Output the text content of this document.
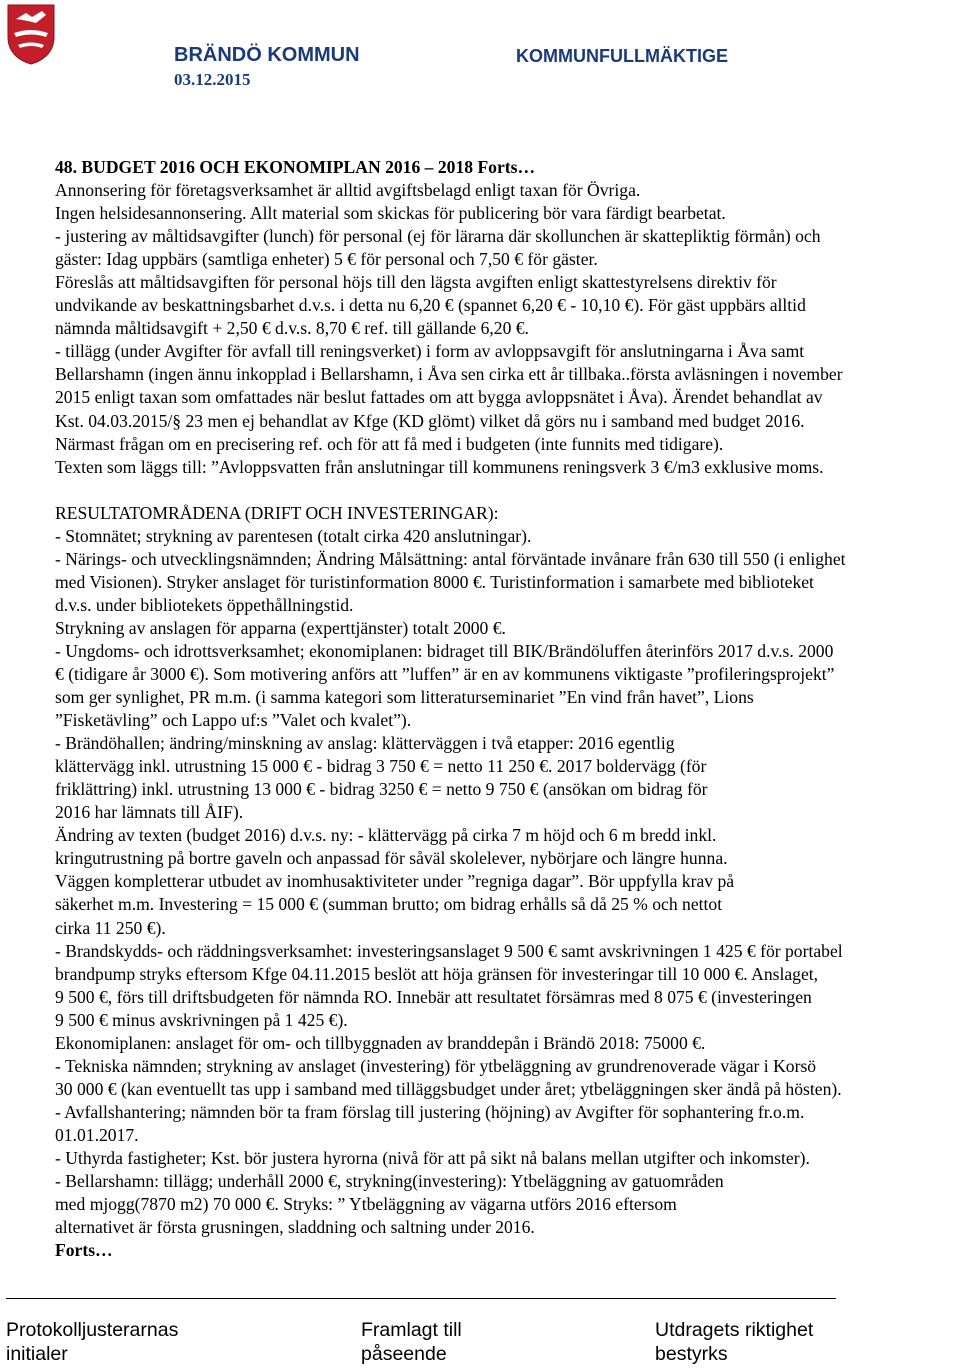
BRÄNDÖ KOMMUN
03.12.2015
KOMMUNFULLMÄKTIGE
48. BUDGET 2016 OCH EKONOMIPLAN 2016 – 2018 Forts…
Annonsering för företagsverksamhet är alltid avgiftsbelagd enligt taxan för Övriga.
Ingen helsidesannonsering. Allt material som skickas för publicering bör vara färdigt bearbetat.
- justering av måltidsavgifter (lunch) för personal (ej för lärarna där skollunchen är skattepliktig förmån) och
gäster: Idag uppbärs (samtliga enheter) 5 € för personal och 7,50 € för gäster.
Föreslås att måltidsavgiften för personal höjs till den lägsta avgiften enligt skattestyrelsens direktiv för
undvikande av beskattningsbarhet d.v.s. i detta nu 6,20 € (spannet 6,20 € - 10,10 €). För gäst uppbärs alltid
nämnda måltidsavgift + 2,50 € d.v.s. 8,70 € ref. till gällande 6,20 €.
- tillägg (under Avgifter för avfall till reningsverket) i form av avloppsavgift för anslutningarna i Åva samt
Bellarshamn (ingen ännu inkopplad i Bellarshamn, i Åva sen cirka ett år tillbaka..första avläsningen i november
2015 enligt taxan som omfattades när beslut fattades om att bygga avloppsnätet i Åva). Ärendet behandlat av
Kst. 04.03.2015/§ 23 men ej behandlat av Kfge (KD glömt) vilket då görs nu i samband med budget 2016.
Närmast frågan om en precisering ref. och för att få med i budgeten (inte funnits med tidigare).
Texten som läggs till: ”Avloppsvatten från anslutningar till kommunens reningsverk 3 €/m3 exklusive moms.
RESULTATOMRÅDENA (DRIFT OCH INVESTERINGAR):
- Stomnätet; strykning av parentesen (totalt cirka 420 anslutningar).
- Närings- och utvecklingsnämnden; Ändring Målsättning: antal förväntade invånare från 630 till 550 (i enlighet
med Visionen). Stryker anslaget för turistinformation 8000 €. Turistinformation i samarbete med biblioteket
d.v.s. under bibliotekets öppethållningstid.
Strykning av anslagen för apparna (experttjänster) totalt 2000 €.
- Ungdoms- och idrottsverksamhet; ekonomiplanen: bidraget till BIK/Brändöluffen återinförs 2017 d.v.s. 2000
€ (tidigare år 3000 €). Som motivering anförs att ”luffen” är en av kommunens viktigaste ”profileringsprojekt”
som ger synlighet, PR m.m. (i samma kategori som litteraturseminariet ”En vind från havet”, Lions
”Fisketävling” och Lappo uf:s ”Valet och kvalet”).
- Brändöhallen; ändring/minskning av anslag: klätterväggen i två etapper: 2016 egentlig
klättervägg inkl. utrustning 15 000 € - bidrag 3 750 € = netto 11 250 €. 2017 boldervägg (för
friklättring) inkl. utrustning 13 000 € - bidrag 3250 € = netto 9 750 € (ansökan om bidrag för
2016 har lämnats till ÅIF).
Ändring av texten (budget 2016) d.v.s. ny: - klättervägg på cirka 7 m höjd och 6 m bredd inkl.
kringutrustning på bortre gaveln och anpassad för såväl skolelever, nybörjare och längre hunna.
Väggen kompletterar utbudet av inomhusaktiviteter under ”regniga dagar”. Bör uppfylla krav på
säkerhet m.m. Investering = 15 000 € (summan brutto; om bidrag erhålls så då 25 % och nettot
cirka 11 250 €).
- Brandskydds- och räddningsverksamhet: investeringsanslaget 9 500 € samt avskrivningen 1 425 € för portabel
brandpump stryks eftersom Kfge 04.11.2015 beslöt att höja gränsen för investeringar till 10 000 €. Anslaget,
9 500 €, förs till driftsbudgeten för nämnda RO. Innebär att resultatet försämras med 8 075 € (investeringen
9 500 € minus avskrivningen på 1 425 €).
Ekonomiplanen: anslaget för om- och tillbyggnaden av branddepån i Brändö 2018: 75000 €.
- Tekniska nämnden; strykning av anslaget (investering) för ytbeläggning av grundrenoverade vägar i Korsö
30 000 € (kan eventuellt tas upp i samband med tilläggsbudget under året; ytbeläggningen sker ändå på hösten).
- Avfallshantering; nämnden bör ta fram förslag till justering (höjning) av Avgifter för sophantering fr.o.m.
01.01.2017.
- Uthyrda fastigheter; Kst. bör justera hyrorna (nivå för att på sikt nå balans mellan utgifter och inkomster).
- Bellarshamn: tillägg; underhåll 2000 €, strykning(investering): Ytbeläggning av gatuområden
med mjogg(7870 m2) 70 000 €. Stryks: ” Ytbeläggning av vägarna utförs 2016 eftersom
alternativet är första grusningen, sladdning och saltning under 2016.
Forts…
Protokolljusterarnas
initialer
Framlagt till
påseende
Utdragets riktighet
bestyrks
